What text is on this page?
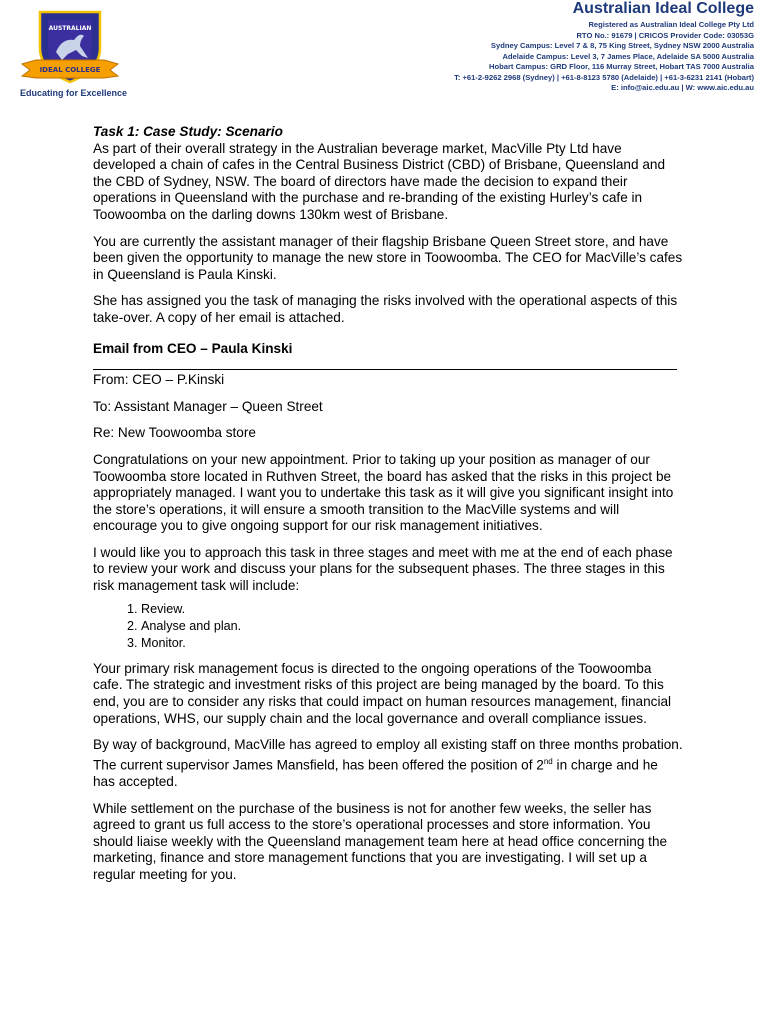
AUSTRALIAN
IDEAL COLLEGE
Educating for Excellence
Australian Ideal College
Registered as Australian Ideal College Pty Ltd
RTO No.: 91679 | CRICOS Provider Code: 03053G
Sydney Campus: Level 7 & 8, 75 King Street, Sydney NSW 2000 Australia
Adelaide Campus: Level 3, 7 James Place, Adelaide SA 5000 Australia
Hobart Campus: GRD Floor, 116 Murray Street, Hobart TAS 7000 Australia
T: +61-2-9262 2968 (Sydney) | +61-8-8123 5780 (Adelaide) | +61-3-6231 2141 (Hobart)
E: info@aic.edu.au | W: www.aic.edu.au

Task 1: Case Study: Scenario

As part of their overall strategy in the Australian beverage market, MacVille Pty Ltd have developed a chain of cafes in the Central Business District (CBD) of Brisbane, Queensland and the CBD of Sydney, NSW. The board of directors have made the decision to expand their operations in Queensland with the purchase and re-branding of the existing Hurley’s cafe in Toowoomba on the darling downs 130km west of Brisbane.

You are currently the assistant manager of their flagship Brisbane Queen Street store, and have been given the opportunity to manage the new store in Toowoomba. The CEO for MacVille’s cafes in Queensland is Paula Kinski.

She has assigned you the task of managing the risks involved with the operational aspects of this take-over. A copy of her email is attached.

Email from CEO – Paula Kinski

From: CEO – P.Kinski

To: Assistant Manager – Queen Street

Re: New Toowoomba store

Congratulations on your new appointment. Prior to taking up your position as manager of our Toowoomba store located in Ruthven Street, the board has asked that the risks in this project be appropriately managed. I want you to undertake this task as it will give you significant insight into the store’s operations, it will ensure a smooth transition to the MacVille systems and will encourage you to give ongoing support for our risk management initiatives.

I would like you to approach this task in three stages and meet with me at the end of each phase to review your work and discuss your plans for the subsequent phases. The three stages in this risk management task will include:

1. Review.
2. Analyse and plan.
3. Monitor.

Your primary risk management focus is directed to the ongoing operations of the Toowoomba cafe. The strategic and investment risks of this project are being managed by the board. To this end, you are to consider any risks that could impact on human resources management, financial operations, WHS, our supply chain and the local governance and overall compliance issues.

By way of background, MacVille has agreed to employ all existing staff on three months probation. The current supervisor James Mansfield, has been offered the position of 2nd in charge and he has accepted.

While settlement on the purchase of the business is not for another few weeks, the seller has agreed to grant us full access to the store’s operational processes and store information. You should liaise weekly with the Queensland management team here at head office concerning the marketing, finance and store management functions that you are investigating. I will set up a regular meeting for you.
